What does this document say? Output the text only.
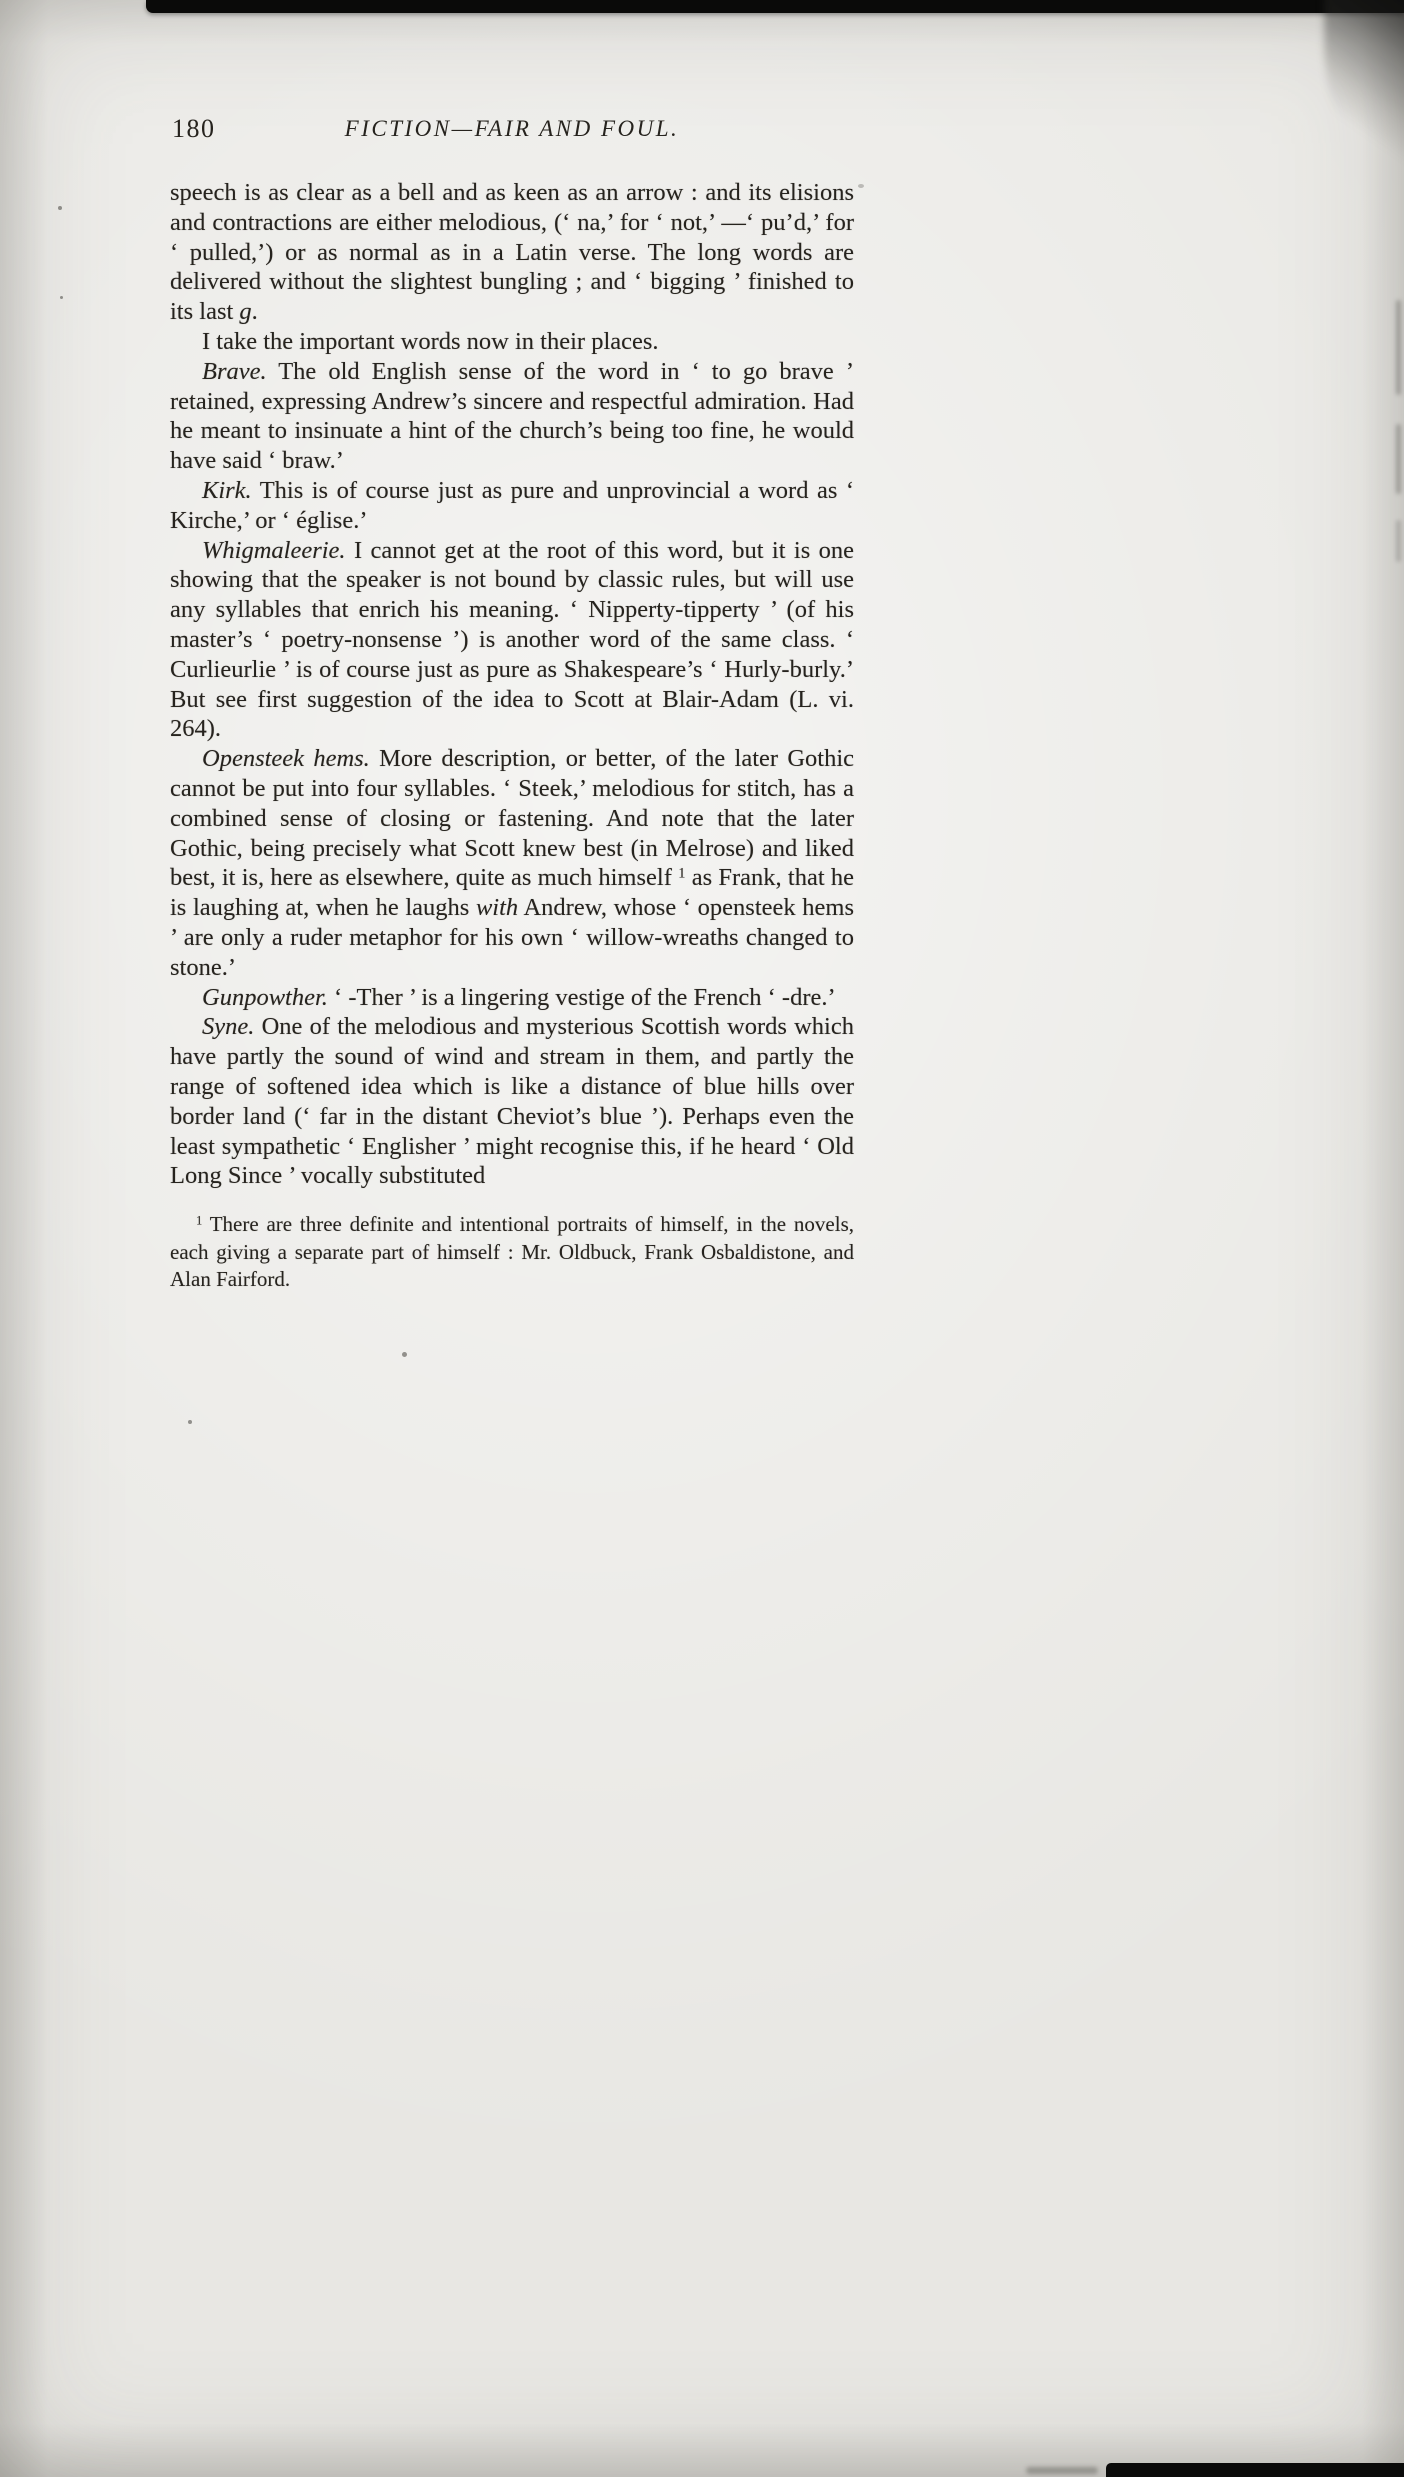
180	FICTION—FAIR AND FOUL.

speech is as clear as a bell and as keen as an arrow : and its elisions and contractions are either melodious, (‘ na,’ for ‘ not,’ —‘ pu’d,’ for ‘ pulled,’) or as normal as in a Latin verse. The long words are delivered without the slightest bungling ; and ‘ bigging ’ finished to its last g.

I take the important words now in their places.

Brave. The old English sense of the word in ‘ to go brave ’ retained, expressing Andrew’s sincere and respectful admiration. Had he meant to insinuate a hint of the church’s being too fine, he would have said ‘ braw.’

Kirk. This is of course just as pure and unprovincial a word as ‘ Kirche,’ or ‘ église.’

Whigmaleerie. I cannot get at the root of this word, but it is one showing that the speaker is not bound by classic rules, but will use any syllables that enrich his meaning. ‘ Nipperty-tipperty ’ (of his master’s ‘ poetry-nonsense ’) is another word of the same class. ‘ Curlieurlie ’ is of course just as pure as Shakespeare’s ‘ Hurly-burly.’ But see first suggestion of the idea to Scott at Blair-Adam (L. vi. 264).

Opensteek hems. More description, or better, of the later Gothic cannot be put into four syllables. ‘ Steek,’ melodious for stitch, has a combined sense of closing or fastening. And note that the later Gothic, being precisely what Scott knew best (in Melrose) and liked best, it is, here as elsewhere, quite as much himself $^1$ as Frank, that he is laughing at, when he laughs with Andrew, whose ‘ opensteek hems ’ are only a ruder metaphor for his own ‘ willow-wreaths changed to stone.’

Gunpowther. ‘ -Ther ’ is a lingering vestige of the French ‘ -dre.’

Syne. One of the melodious and mysterious Scottish words which have partly the sound of wind and stream in them, and partly the range of softened idea which is like a distance of blue hills over border land (‘ far in the distant Cheviot’s blue ’). Perhaps even the least sympathetic ‘ Englisher ’ might recognise this, if he heard ‘ Old Long Since ’ vocally substituted

$^1$ There are three definite and intentional portraits of himself, in the novels, each giving a separate part of himself : Mr. Oldbuck, Frank Osbaldistone, and Alan Fairford.
